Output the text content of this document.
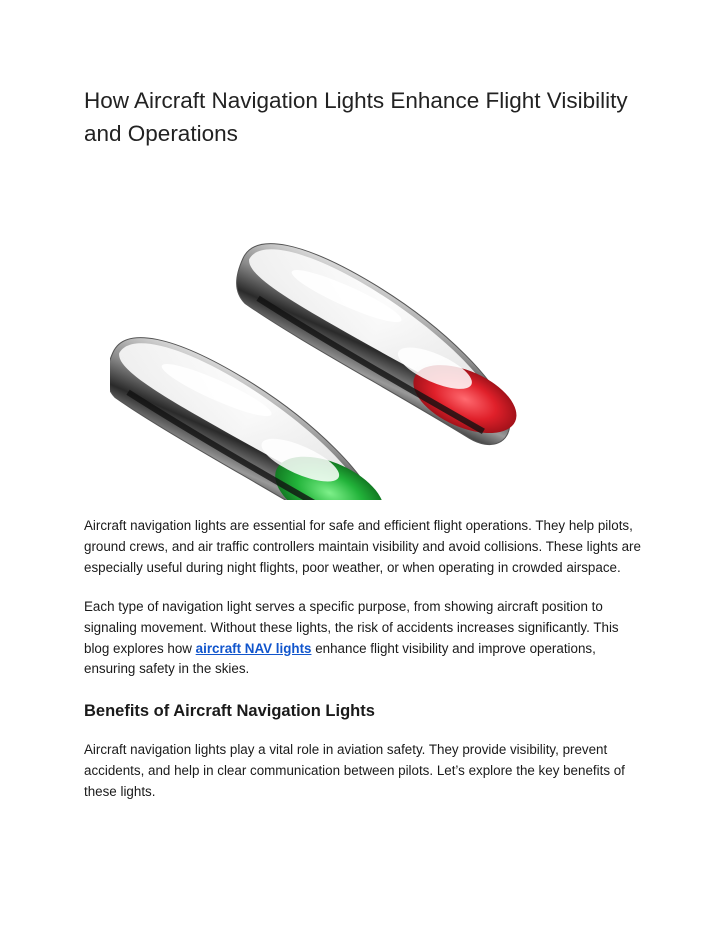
How Aircraft Navigation Lights Enhance Flight Visibility and Operations

Aircraft navigation lights are essential for safe and efficient flight operations. They help pilots, ground crews, and air traffic controllers maintain visibility and avoid collisions. These lights are especially useful during night flights, poor weather, or when operating in crowded airspace.

Each type of navigation light serves a specific purpose, from showing aircraft position to signaling movement. Without these lights, the risk of accidents increases significantly. This blog explores how aircraft NAV lights enhance flight visibility and improve operations, ensuring safety in the skies.

Benefits of Aircraft Navigation Lights

Aircraft navigation lights play a vital role in aviation safety. They provide visibility, prevent accidents, and help in clear communication between pilots. Let’s explore the key benefits of these lights.
